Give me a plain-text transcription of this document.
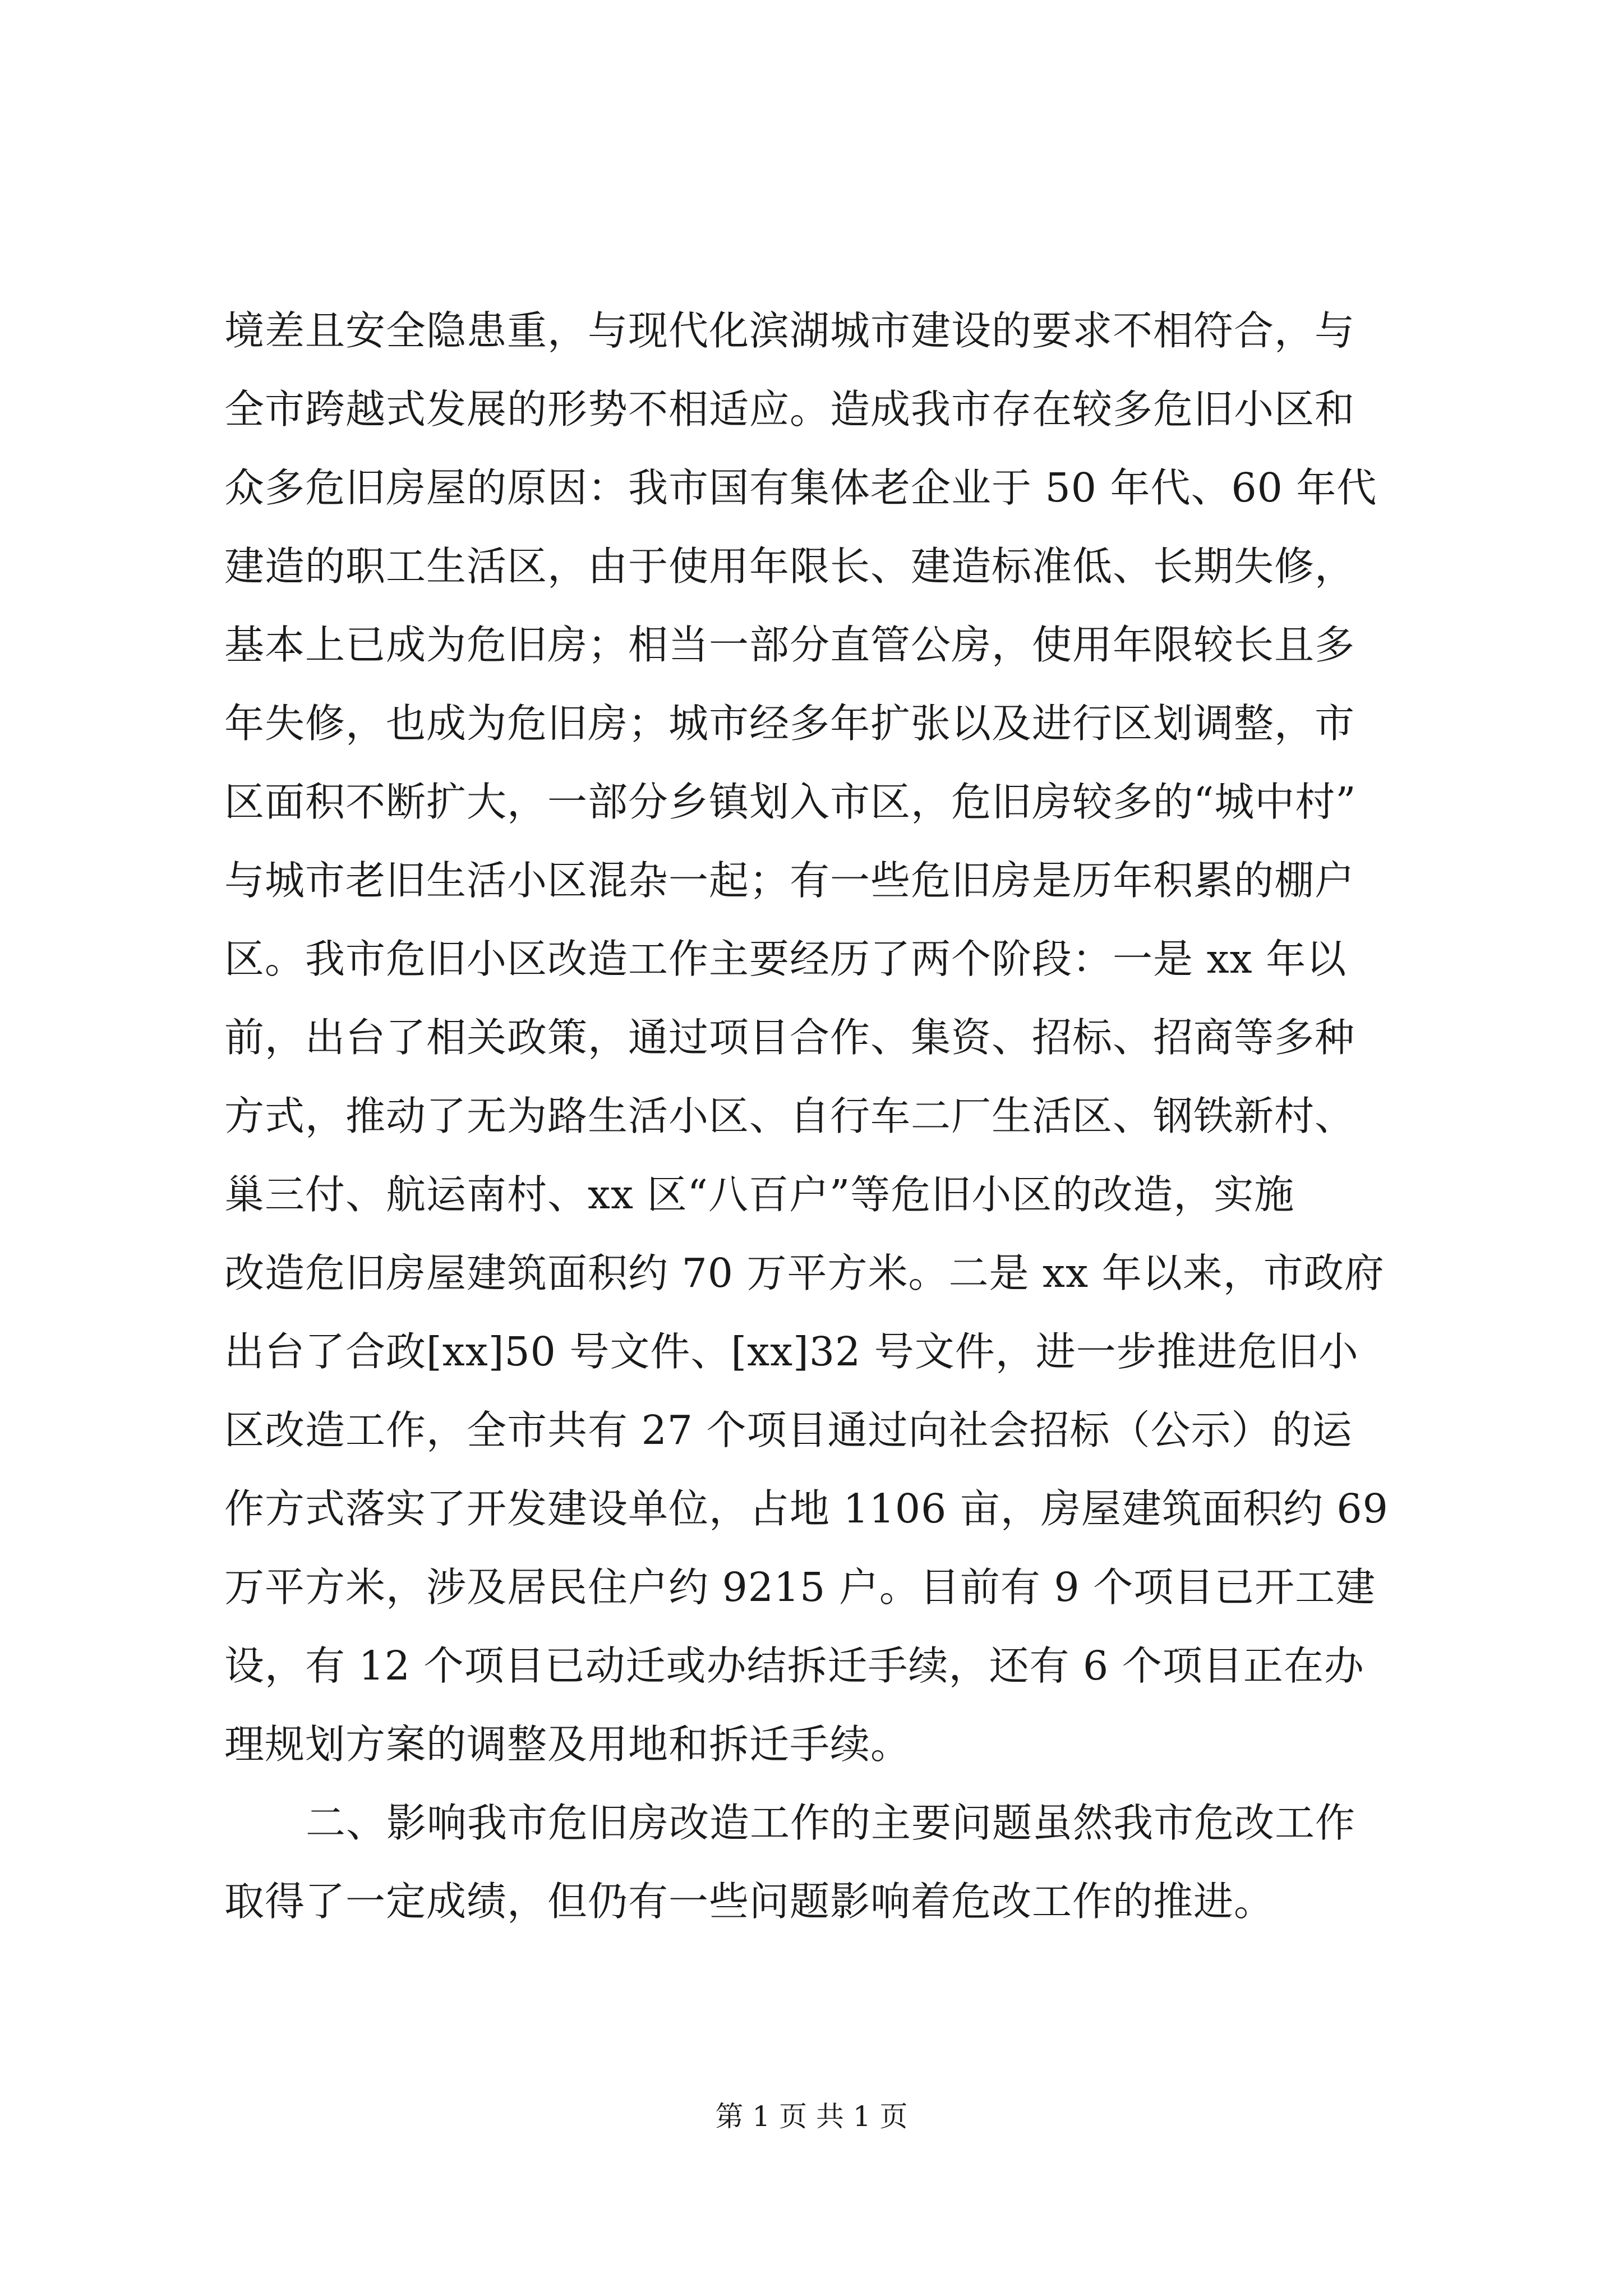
境差且安全隐患重，与现代化滨湖城市建设的要求不相符合，与
全市跨越式发展的形势不相适应。造成我市存在较多危旧小区和
众多危旧房屋的原因：我市国有集体老企业于 50 年代、60 年代
建造的职工生活区，由于使用年限长、建造标准低、长期失修，
基本上已成为危旧房；相当一部分直管公房，使用年限较长且多
年失修，也成为危旧房；城市经多年扩张以及进行区划调整，市
区面积不断扩大，一部分乡镇划入市区，危旧房较多的“城中村”
与城市老旧生活小区混杂一起；有一些危旧房是历年积累的棚户
区。我市危旧小区改造工作主要经历了两个阶段：一是 xx 年以
前，出台了相关政策，通过项目合作、集资、招标、招商等多种
方式，推动了无为路生活小区、自行车二厂生活区、钢铁新村、
巢三付、航运南村、xx 区“八百户”等危旧小区的改造，实施
改造危旧房屋建筑面积约 70 万平方米。二是 xx 年以来，市政府
出台了合政[xx]50 号文件、[xx]32 号文件，进一步推进危旧小
区改造工作，全市共有 27 个项目通过向社会招标（公示）的运
作方式落实了开发建设单位，占地 1106 亩，房屋建筑面积约 69
万平方米，涉及居民住户约 9215 户。目前有 9 个项目已开工建
设，有 12 个项目已动迁或办结拆迁手续，还有 6 个项目正在办
理规划方案的调整及用地和拆迁手续。
二、影响我市危旧房改造工作的主要问题虽然我市危改工作
取得了一定成绩，但仍有一些问题影响着危改工作的推进。
第 1 页 共 1 页
